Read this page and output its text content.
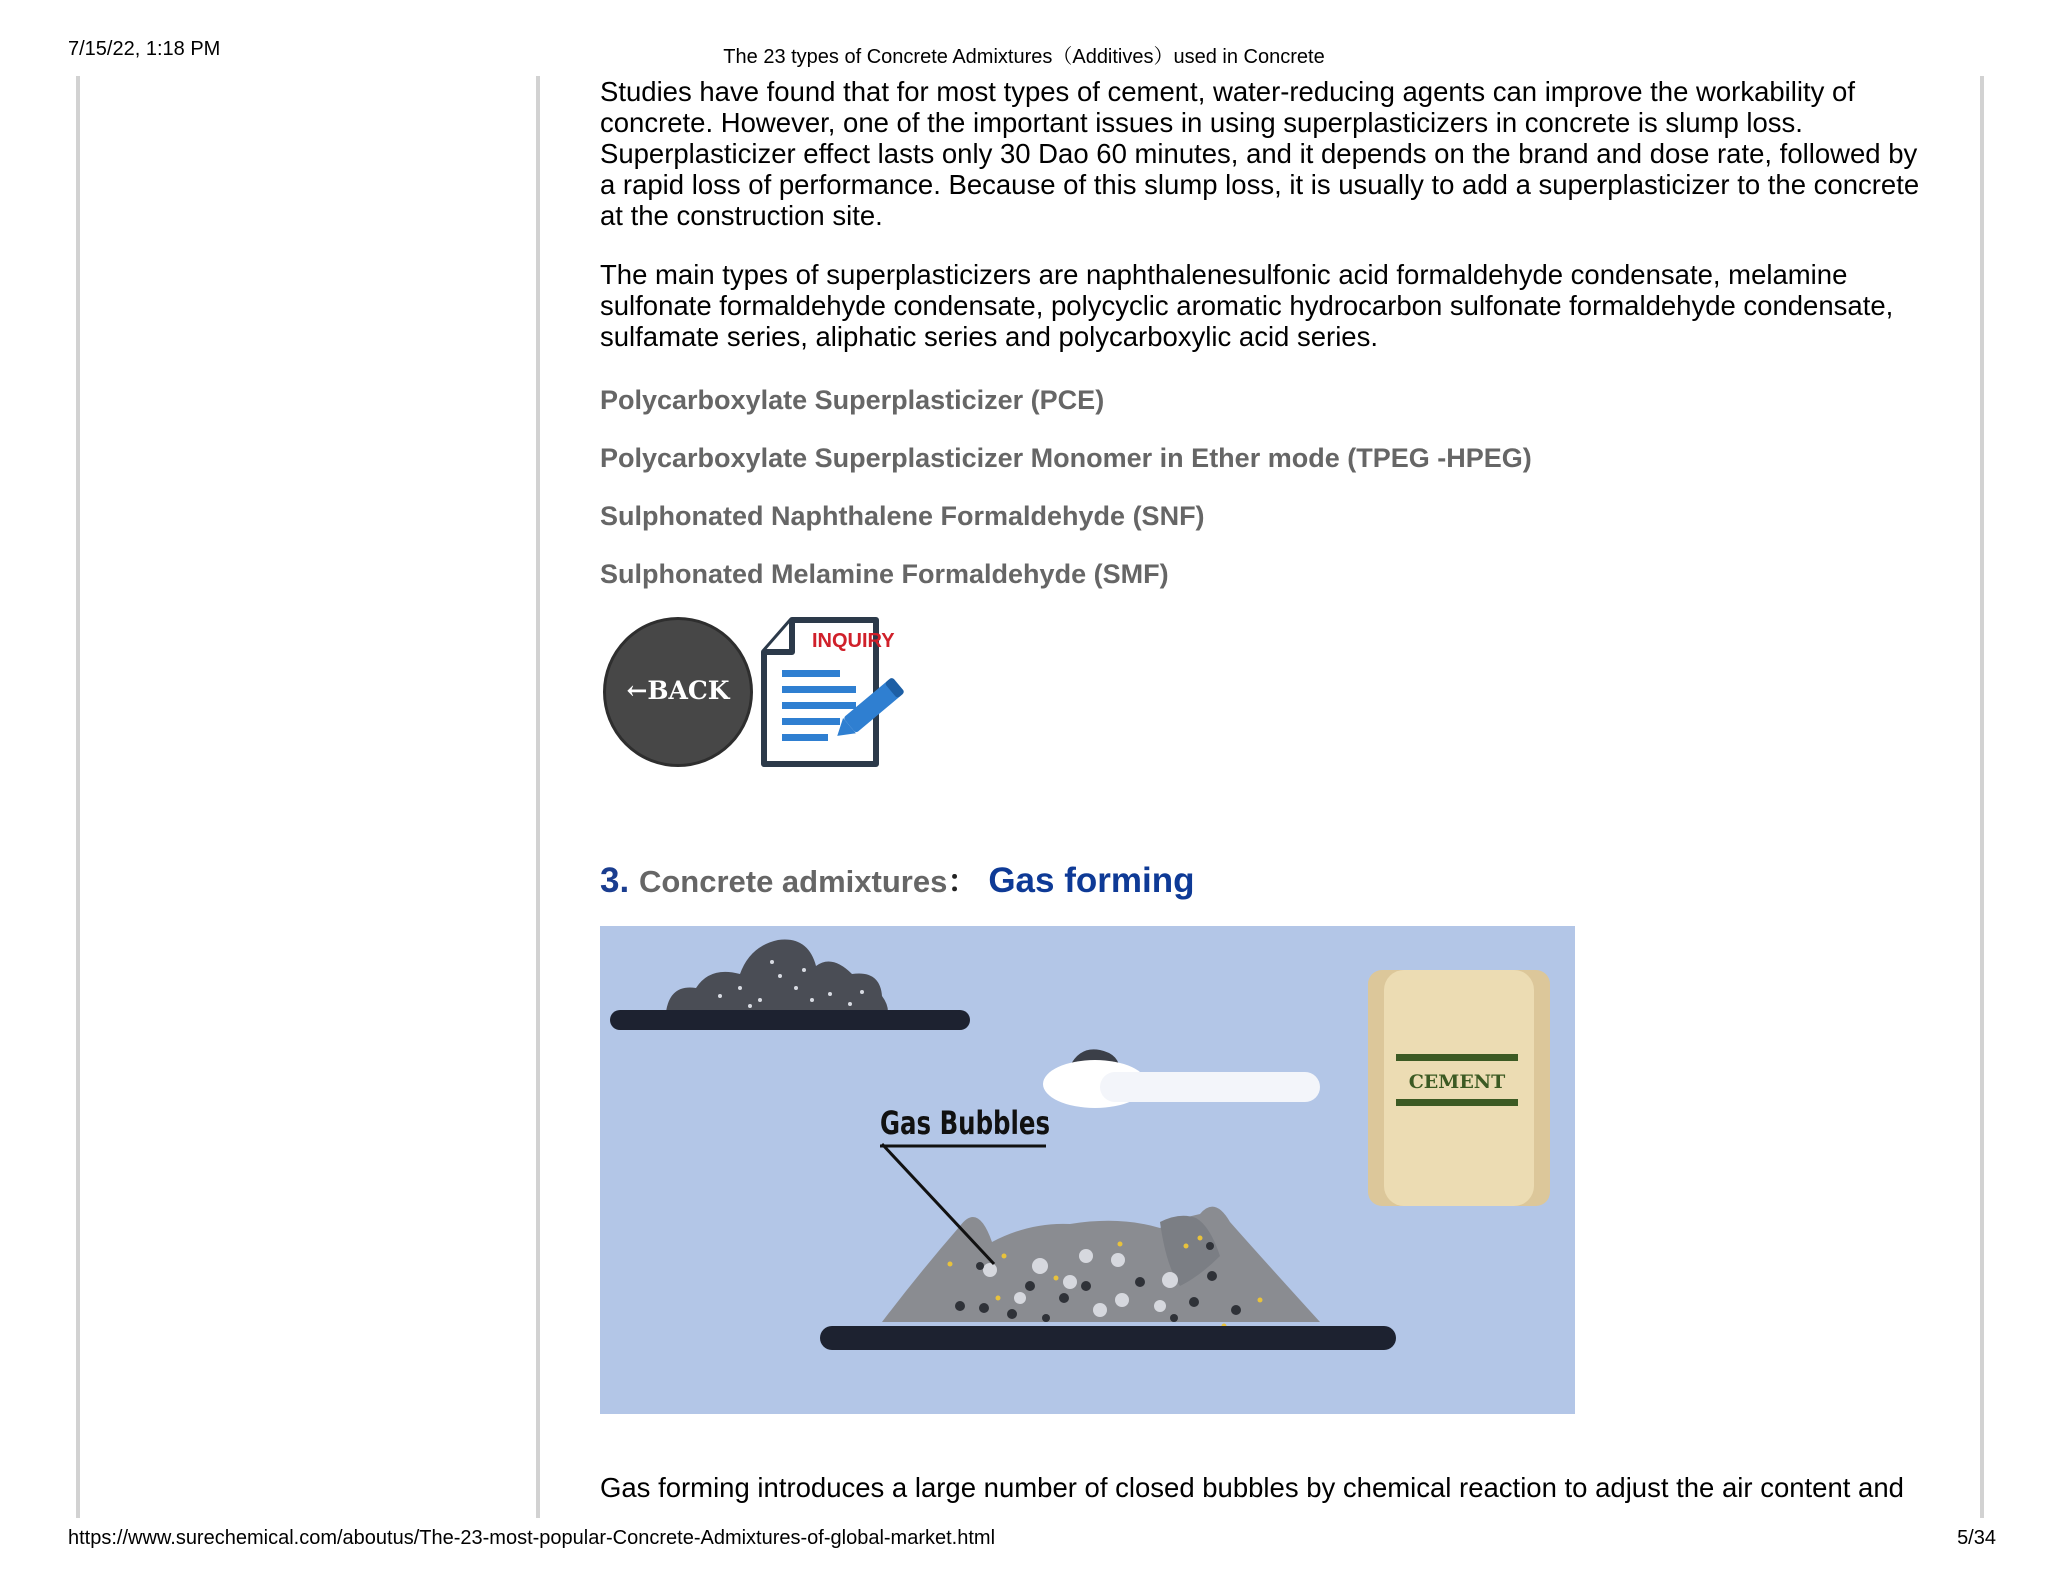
7/15/22, 1:18 PM	The 23 types of Concrete Admixtures（Additives）used in Concrete

Studies have found that for most types of cement, water-reducing agents can improve the workability of concrete. However, one of the important issues in using superplasticizers in concrete is slump loss. Superplasticizer effect lasts only 30 Dao 60 minutes, and it depends on the brand and dose rate, followed by a rapid loss of performance. Because of this slump loss, it is usually to add a superplasticizer to the concrete at the construction site.

The main types of superplasticizers are naphthalenesulfonic acid formaldehyde condensate, melamine sulfonate formaldehyde condensate, polycyclic aromatic hydrocarbon sulfonate formaldehyde condensate, sulfamate series, aliphatic series and polycarboxylic acid series.

Polycarboxylate Superplasticizer (PCE)

Polycarboxylate Superplasticizer Monomer in Ether mode (TPEG -HPEG)

Sulphonated Naphthalene Formaldehyde (SNF)

Sulphonated Melamine Formaldehyde (SMF)

←BACK
INQUIRY
3. Concrete admixtures： Gas forming
Gas Bubbles
CEMENT
Gas forming introduces a large number of closed bubbles by chemical reaction to adjust the air content and
https://www.surechemical.com/aboutus/The-23-most-popular-Concrete-Admixtures-of-global-market.html	5/34
